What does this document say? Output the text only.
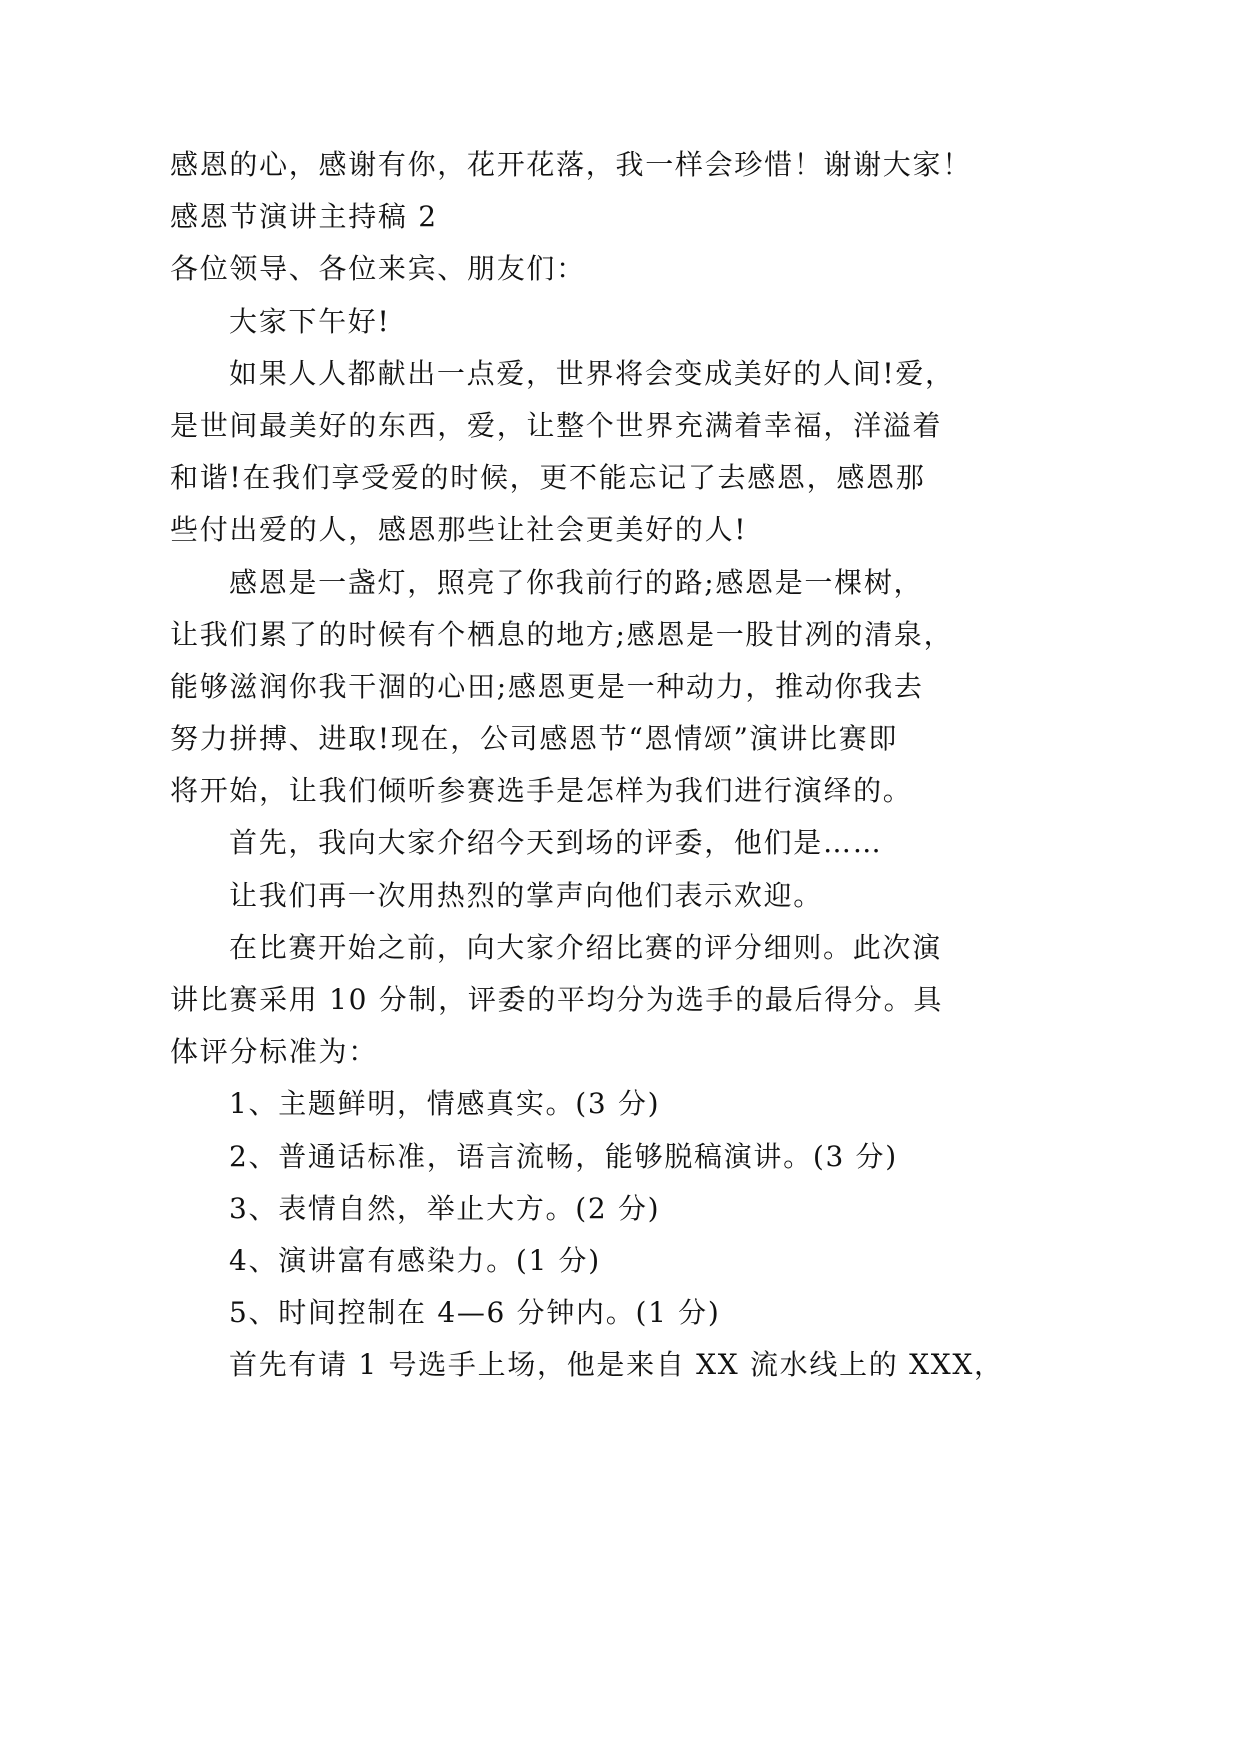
感恩的心，感谢有你，花开花落，我一样会珍惜！谢谢大家！
感恩节演讲主持稿 2
各位领导、各位来宾、朋友们：
大家下午好!
如果人人都献出一点爱，世界将会变成美好的人间!爱，
是世间最美好的东西，爱，让整个世界充满着幸福，洋溢着
和谐!在我们享受爱的时候，更不能忘记了去感恩，感恩那
些付出爱的人，感恩那些让社会更美好的人!
感恩是一盏灯，照亮了你我前行的路;感恩是一棵树，
让我们累了的时候有个栖息的地方;感恩是一股甘冽的清泉，
能够滋润你我干涸的心田;感恩更是一种动力，推动你我去
努力拼搏、进取!现在，公司感恩节“恩情颂”演讲比赛即
将开始，让我们倾听参赛选手是怎样为我们进行演绎的。
首先，我向大家介绍今天到场的评委，他们是……
让我们再一次用热烈的掌声向他们表示欢迎。
在比赛开始之前，向大家介绍比赛的评分细则。此次演
讲比赛采用 10 分制，评委的平均分为选手的最后得分。具
体评分标准为：
1、主题鲜明，情感真实。(3 分)
2、普通话标准，语言流畅，能够脱稿演讲。(3 分)
3、表情自然，举止大方。(2 分)
4、演讲富有感染力。(1 分)
5、时间控制在 4—6 分钟内。(1 分)
首先有请 1 号选手上场，他是来自 XX 流水线上的 XXX，
